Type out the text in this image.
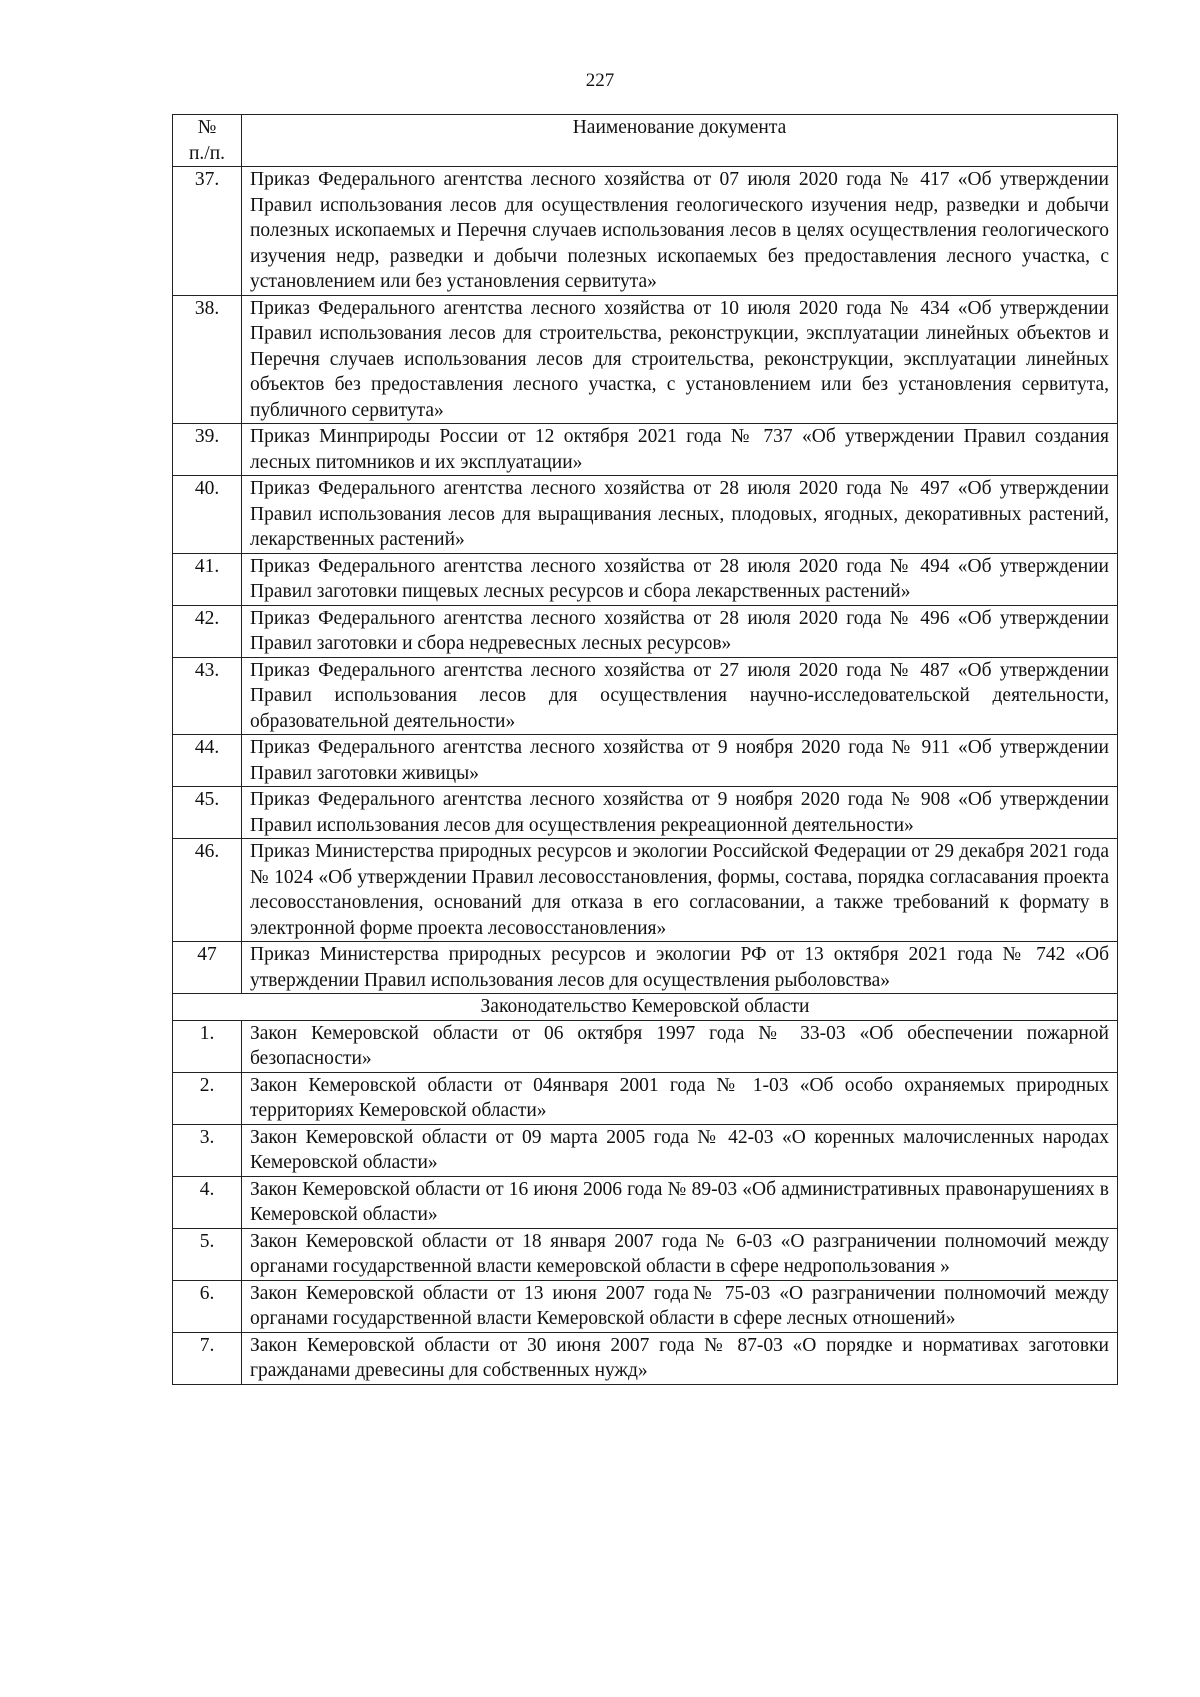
227
№
п./п.	Наименование документа
37.	Приказ Федерального агентства лесного хозяйства от 07 июля 2020 года № 417 «Об утверждении Правил использования лесов для осуществления геологического изучения недр, разведки и добычи полезных ископаемых и Перечня случаев использования лесов в целях осуществления геологического изучения недр, разведки и добычи полезных ископаемых без предоставления лесного участка, с установлением или без установления сервитута»
38.	Приказ Федерального агентства лесного хозяйства от 10 июля 2020 года № 434 «Об утверждении Правил использования лесов для строительства, реконструкции, эксплуатации линейных объектов и Перечня случаев использования лесов для строительства, реконструкции, эксплуатации линейных объектов без предоставления лесного участка, с установлением или без установления сервитута, публичного сервитута»
39.	Приказ Минприроды России от 12 октября 2021 года № 737 «Об утверждении Правил создания лесных питомников и их эксплуатации»
40.	Приказ Федерального агентства лесного хозяйства от 28 июля 2020 года № 497 «Об утверждении Правил использования лесов для выращивания лесных, плодовых, ягодных, декоративных растений, лекарственных растений»
41.	Приказ Федерального агентства лесного хозяйства от 28 июля 2020 года № 494 «Об утверждении Правил заготовки пищевых лесных ресурсов и сбора лекарственных растений»
42.	Приказ Федерального агентства лесного хозяйства от 28 июля 2020 года № 496 «Об утверждении Правил заготовки и сбора недревесных лесных ресурсов»
43.	Приказ Федерального агентства лесного хозяйства от 27 июля 2020 года № 487 «Об утверждении Правил использования лесов для осуществления научно-исследовательской деятельности, образовательной деятельности»
44.	Приказ Федерального агентства лесного хозяйства от 9 ноября 2020 года № 911 «Об утверждении Правил заготовки живицы»
45.	Приказ Федерального агентства лесного хозяйства от 9 ноября 2020 года № 908 «Об утверждении Правил использования лесов для осуществления рекреационной деятельности»
46.	Приказ Министерства природных ресурсов и экологии Российской Федерации от 29 декабря 2021 года № 1024 «Об утверждении Правил лесовосстановления, формы, состава, порядка согласавания проекта лесовосстановления, оснований для отказа в его согласовании, а также требований к формату в электронной форме проекта лесовосстановления»
47	Приказ Министерства природных ресурсов и экологии РФ от 13 октября 2021 года № 742 «Об утверждении Правил использования лесов для осуществления рыболовства»
Законодательство Кемеровской области	
1.	Закон Кемеровской области от 06 октября 1997 года № 33-03 «Об обеспечении пожарной безопасности»
2.	Закон Кемеровской области от 04января 2001 года № 1-03 «Об особо охраняемых природных территориях Кемеровской области»
3.	Закон Кемеровской области от 09 марта 2005 года № 42-03 «О коренных малочисленных народах Кемеровской области»
4.	Закон Кемеровской области от 16 июня 2006 года № 89-03 «Об административных правонарушениях в Кемеровской области»
5.	Закон Кемеровской области от 18 января 2007 года № 6-03 «О разграничении полномочий между органами государственной власти кемеровской области в сфере недропользования »
6.	Закон Кемеровской области от 13 июня 2007 года№ 75-03 «О разграничении полномочий между органами государственной власти Кемеровской области в сфере лесных отношений»
7.	Закон Кемеровской области от 30 июня 2007 года № 87-03 «О порядке и нормативах заготовки гражданами древесины для собственных нужд»
